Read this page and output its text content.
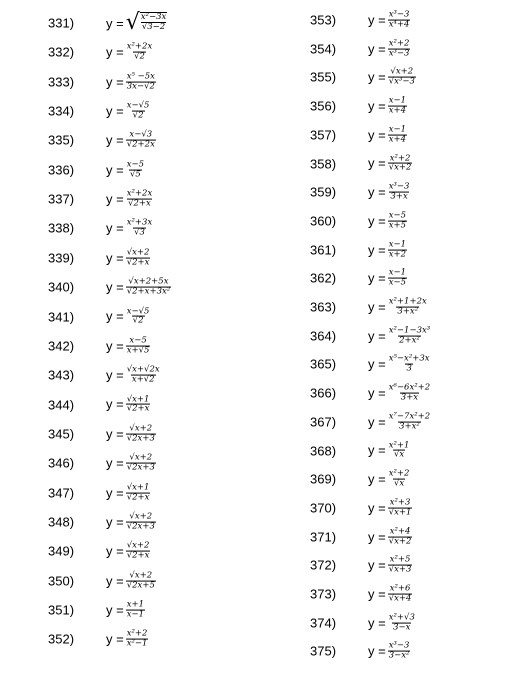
331) y = √ $\frac{\text{x²−3x}}{√3-2}$
332) $y = \frac{\text{x²+2x}}{√2}$
333) $y = \frac{\text{x⁵ −5x}}{3x-√2}$
334) $y = \frac{x-√5}{√2}$
335) $y = \frac{x-√3}{√2+2x}$
336) $y = \frac{x-5}{√5}$
337) $y = \frac{\text{x²+2x}}{√2+x}$
338) $y = \frac{\text{x²+3x}}{√3}$
339) $y = \frac{√x+2}{√2+x}$
340) $y = \frac{√x+2+5x}{\text{√2+x+3x²}}$
341) $y = \frac{x-√5}{√2}$
342) $y = \frac{x-5}{x+√5}$
343) $y = \frac{√x+√2x}{x+√2}$
344) $y = \frac{√x+1}{√2+x}$
345) $y = \frac{√x+2}{√2x+3}$
346) $y = \frac{√x+2}{√2x+3}$
347) $y = \frac{√x+1}{√2+x}$
348) $y = \frac{√x+2}{√2x+3}$
349) $y = \frac{√x+2}{√2+x}$
350) $y = \frac{√x+2}{√2x+5}$
351) $y = \frac{x+1}{x-1}$
352) $y = \frac{\text{x²+2}}{\text{x²−1}}$
353) $y = \frac{\text{x³−3}}{\text{x⁴+4}}$
354) $y = \frac{\text{x²+2}}{\text{x³−3}}$
355) $y = \frac{√x+2}{\text{√x³−3}}$
356) $y = \frac{x-1}{x+4}$
357) $y = \frac{x-1}{x+4}$
358) $y = \frac{\text{x²+2}}{√x+2}$
359) $y = \frac{\text{x³−3}}{3+x}$
360) $y = \frac{x-5}{x+5}$
361) $y = \frac{x-1}{x+2}$
362) $y = \frac{x-1}{x-5}$
363) $y = \frac{\text{x²+1+2x}}{\text{3+x²}}$
364) $y = \frac{\text{x²−1−3x³}}{\text{2+x²}}$
365) $y = \frac{\text{x⁵−x²+3x}}{3}$
366) $y = \frac{\text{x⁶−6x²+2}}{3+x}$
367) $y = \frac{\text{x⁷−7x²+2}}{\text{3+x²}}$
368) $y = \frac{\text{x²+1}}{√x}$
369) $y = \frac{\text{x²+2}}{√x}$
370) $y = \frac{\text{x²+3}}{√x+1}$
371) $y = \frac{\text{x²+4}}{√x+2}$
372) $y = \frac{\text{x²+5}}{√x+3}$
373) $y = \frac{\text{x²+6}}{√x+4}$
374) $y = \frac{\text{x²+√3}}{3-x}$
375) $y = \frac{\text{x³−3}}{\text{3−x²}}$
